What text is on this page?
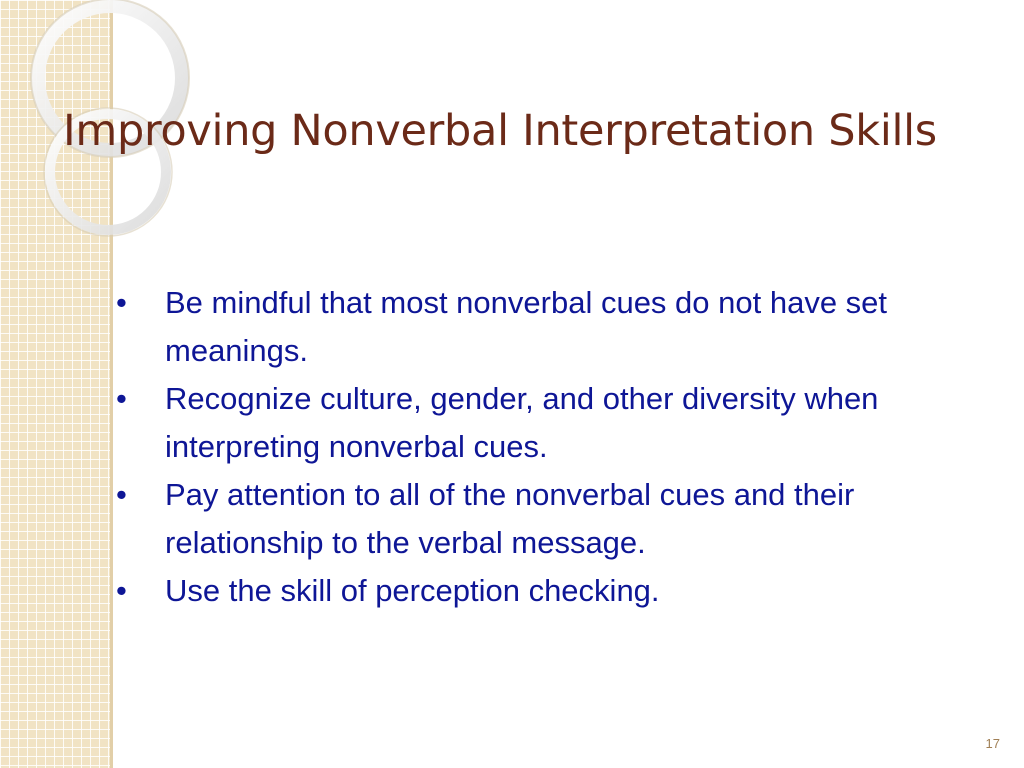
Improving Nonverbal Interpretation Skills
•	Be mindful that most nonverbal cues do not have set meanings.
•	Recognize culture, gender, and other diversity when interpreting nonverbal cues.
•	Pay attention to all of the nonverbal cues and their relationship to the verbal message.
•	Use the skill of perception checking.
17
